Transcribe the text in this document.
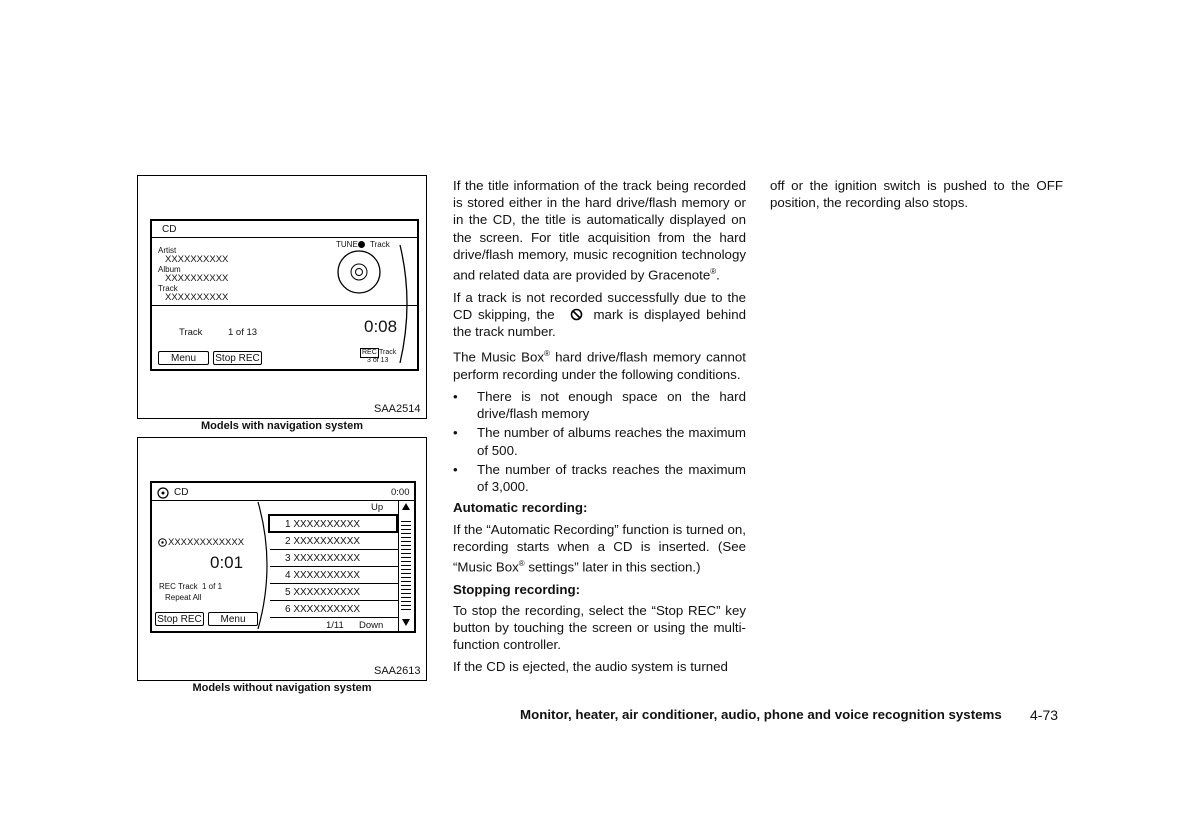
CD
TUNE Track
Artist
XXXXXXXXXX
Album
XXXXXXXXXX
Track
XXXXXXXXXX
Track	1 of 13	0:08
Menu	Stop REC
REC Track
3 of 13
SAA2514
Models with navigation system
CD	0:00
XXXXXXXXXXXX
0:01
REC Track 1 of 1
Repeat All
Stop REC	Menu
Up
1 XXXXXXXXXX
2 XXXXXXXXXX
3 XXXXXXXXXX
4 XXXXXXXXXX
5 XXXXXXXXXX
6 XXXXXXXXXX
1/11 Down
SAA2613
Models without navigation system

If the title information of the track being recorded is stored either in the hard drive/flash memory or in the CD, the title is automatically displayed on the screen. For title acquisition from the hard drive/flash memory, music recognition technology and related data are provided by Gracenote®.

If a track is not recorded successfully due to the CD skipping, the	mark is displayed behind the track number.

The Music Box® hard drive/flash memory cannot perform recording under the following conditions.

• There is not enough space on the hard drive/flash memory
• The number of albums reaches the maximum of 500.
• The number of tracks reaches the maximum of 3,000.
Automatic recording:

If the “Automatic Recording” function is turned on, recording starts when a CD is inserted. (See “Music Box® settings” later in this section.)

Stopping recording:

To stop the recording, select the “Stop REC” key button by touching the screen or using the multi-function controller.

If the CD is ejected, the audio system is turned

off or the ignition switch is pushed to the OFF position, the recording also stops.

Monitor, heater, air conditioner, audio, phone and voice recognition systems 4-73
